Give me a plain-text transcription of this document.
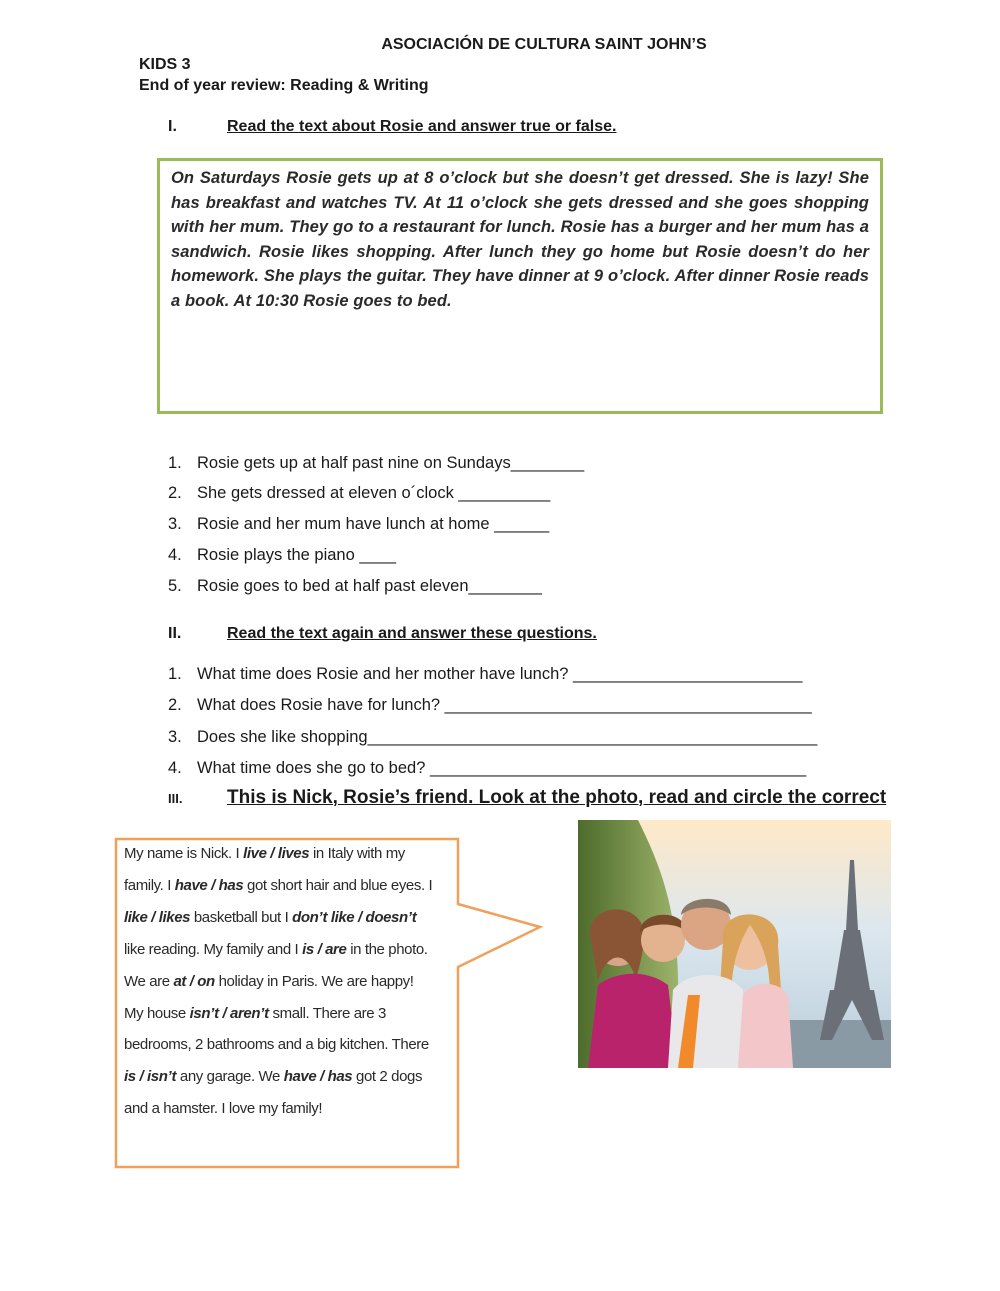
ASOCIACIÓN DE CULTURA SAINT JOHN’S
KIDS 3
End of year review: Reading & Writing
I.	Read the text about Rosie and answer true or false.
On Saturdays Rosie gets up at 8 o’clock but she doesn’t get dressed. She is lazy! She has breakfast and watches TV. At 11 o’clock she gets dressed and she goes shopping with her mum. They go to a restaurant for lunch. Rosie has a burger and her mum has a sandwich. Rosie likes shopping. After lunch they go home but Rosie doesn’t do her homework. She plays the guitar. They have dinner at 9 o’clock. After dinner Rosie reads a book. At 10:30 Rosie goes to bed.
1. Rosie gets up at half past nine on Sundays________
2. She gets dressed at eleven o´clock __________
3. Rosie and her mum have lunch at home ______
4. Rosie plays the piano ____
5. Rosie goes to bed at half past eleven________
II.	Read the text again and answer these questions.
1. What time does Rosie and her mother have lunch? _________________________
2. What does Rosie have for lunch? ________________________________________
3. Does she like shopping_________________________________________________
4. What time does she go to bed? _________________________________________
III. This is Nick, Rosie’s friend. Look at the photo, read and circle the correct
My name is Nick. I live / lives in Italy with my
family. I have / has got short hair and blue eyes. I
like / likes basketball but I don’t like / doesn’t
like reading. My family and I is / are in the photo.
We are at / on holiday in Paris. We are happy!
My house isn’t / aren’t small. There are 3
bedrooms, 2 bathrooms and a big kitchen. There
is / isn’t any garage. We have / has got 2 dogs
and a hamster. I love my family!
